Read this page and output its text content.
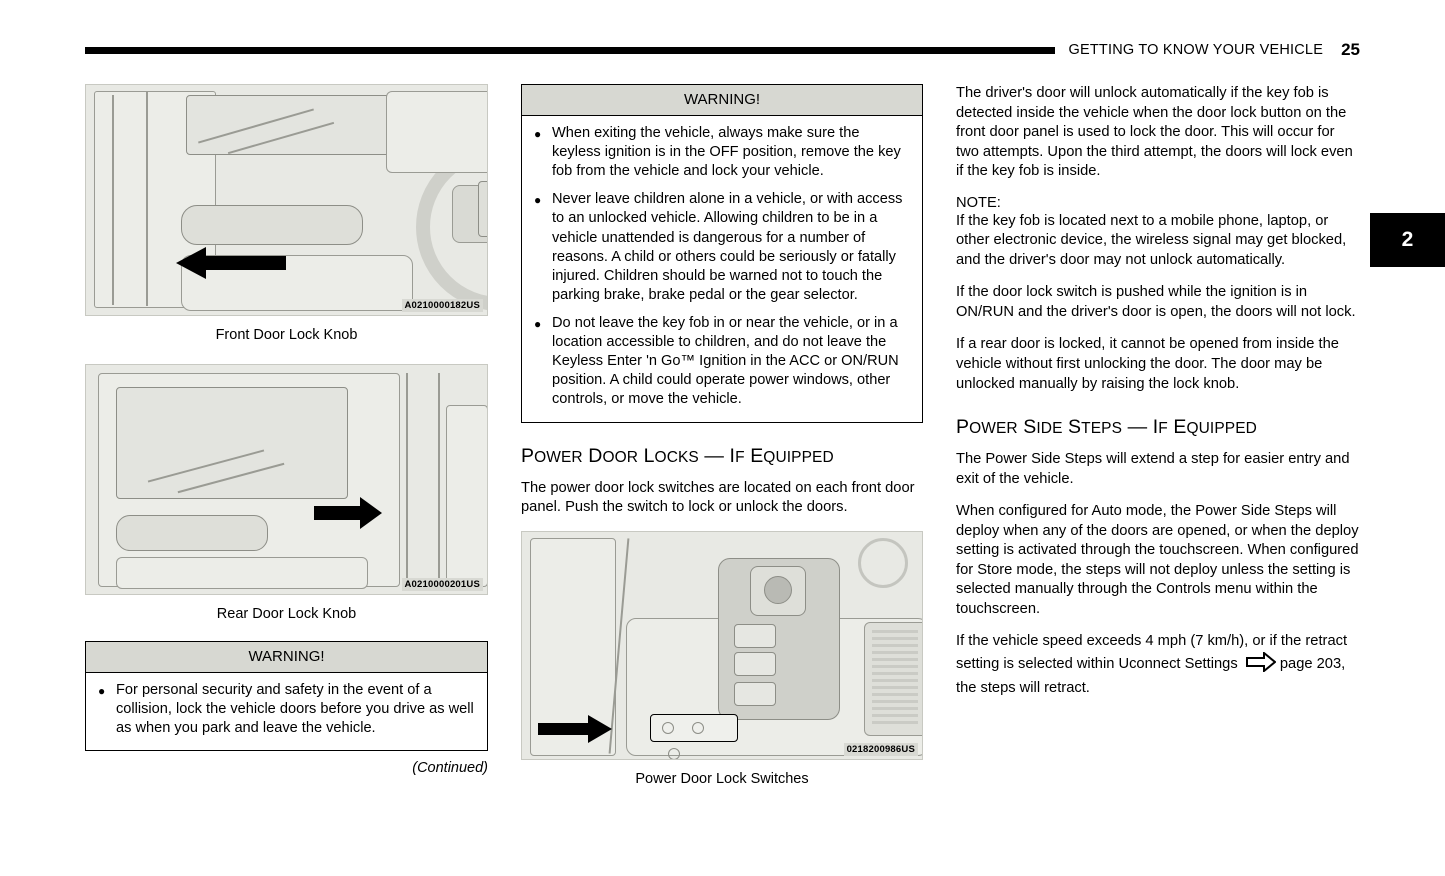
GETTING TO KNOW YOUR VEHICLE 25
2
A0210000182US
Front Door Lock Knob
A0210000201US
Rear Door Lock Knob
WARNING!
● For personal security and safety in the event of a collision, lock the vehicle doors before you drive as well as when you park and leave the vehicle.

(Continued)
WARNING!
● When exiting the vehicle, always make sure the keyless ignition is in the OFF position, remove the key fob from the vehicle and lock your vehicle.

● Never leave children alone in a vehicle, or with access to an unlocked vehicle. Allowing children to be in a vehicle unattended is dangerous for a number of reasons. A child or others could be seriously or fatally injured. Children should be warned not to touch the parking brake, brake pedal or the gear selector.

● Do not leave the key fob in or near the vehicle, or in a location accessible to children, and do not leave the Keyless Enter 'n Go™ Ignition in the ACC or ON/RUN position. A child could operate power windows, other controls, or move the vehicle.

POWER DOOR LOCKS — IF EQUIPPED

The power door lock switches are located on each front door panel. Push the switch to lock or unlock the doors.

0218200986US
Power Door Lock Switches

The driver's door will unlock automatically if the key fob is detected inside the vehicle when the door lock button on the front door panel is used to lock the door. This will occur for two attempts. Upon the third attempt, the doors will lock even if the key fob is inside.

NOTE:

If the key fob is located next to a mobile phone, laptop, or other electronic device, the wireless signal may get blocked, and the driver's door may not unlock automatically.

If the door lock switch is pushed while the ignition is in ON/RUN and the driver's door is open, the doors will not lock.

If a rear door is locked, it cannot be opened from inside the vehicle without first unlocking the door. The door may be unlocked manually by raising the lock knob.

POWER SIDE STEPS — IF EQUIPPED

The Power Side Steps will extend a step for easier entry and exit of the vehicle.

When configured for Auto mode, the Power Side Steps will deploy when any of the doors are opened, or when the deploy setting is activated through the touchscreen. When configured for Store mode, the steps will not deploy unless the setting is selected manually through the Controls menu within the touchscreen.

If the vehicle speed exceeds 4 mph (7 km/h), or if the retract setting is selected within Uconnect Settings	page 203, the steps will retract.
